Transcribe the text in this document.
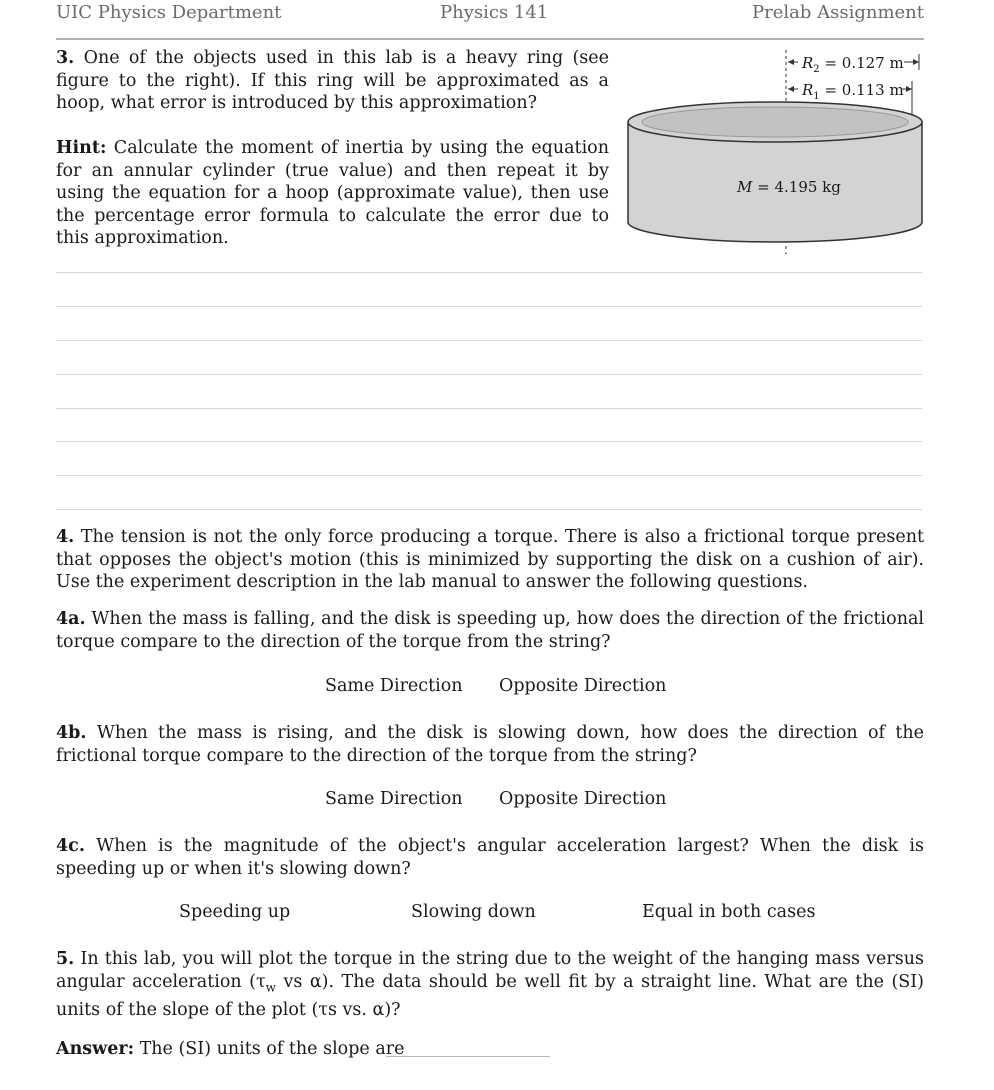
UIC Physics Department	Physics 141	Prelab Assignment
3. One of the objects used in this lab is a heavy ring (see figure to the right). If this ring will be approximated as a hoop, what error is introduced by this approximation?
Hint: Calculate the moment of inertia by using the equation for an annular cylinder (true value) and then repeat it by using the equation for a hoop (approximate value), then use the percentage error formula to calculate the error due to this approximation.
$R_2 = 0.127$ m
$R_1 = 0.113$ m
M = 4.195 kg
4. The tension is not the only force producing a torque. There is also a frictional torque present that opposes the object's motion (this is minimized by supporting the disk on a cushion of air). Use the experiment description in the lab manual to answer the following questions.
4a. When the mass is falling, and the disk is speeding up, how does the direction of the frictional torque compare to the direction of the torque from the string?
Same Direction Opposite Direction
4b. When the mass is rising, and the disk is slowing down, how does the direction of the frictional torque compare to the direction of the torque from the string?
Same Direction Opposite Direction
4c. When is the magnitude of the object's angular acceleration largest? When the disk is speeding up or when it's slowing down?
Speeding up	Slowing down	Equal in both cases
5. In this lab, you will plot the torque in the string due to the weight of the hanging mass versus angular acceleration ($\tau_w$ vs α). The data should be well fit by a straight line. What are the (SI) units of the slope of the plot (τs vs. α)?
Answer: The (SI) units of the slope are
